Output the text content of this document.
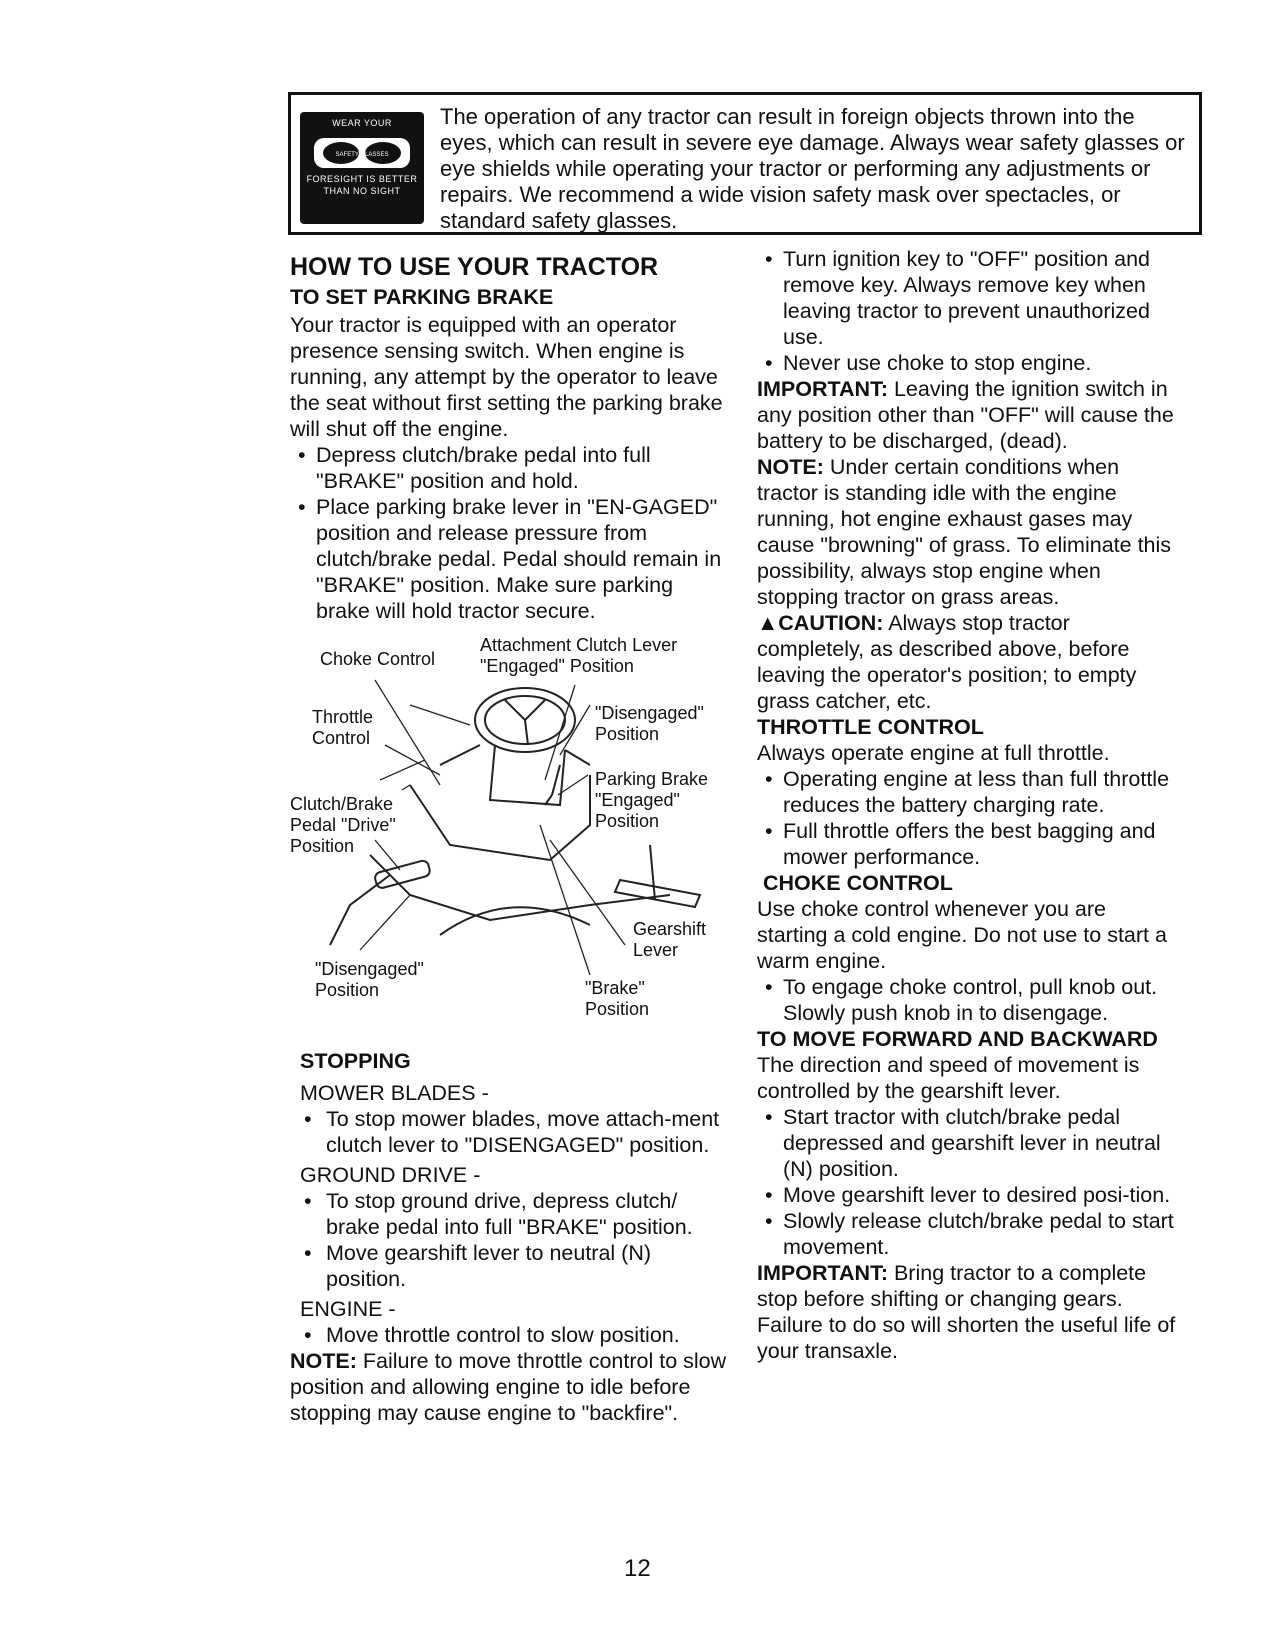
WEAR YOUR
FORESIGHT IS BETTER
THAN NO SIGHT
SAFETY GLASSES
The operation of any tractor can result in foreign objects thrown into the eyes, which can result in severe eye damage. Always wear safety glasses or eye shields while operating your tractor or performing any adjustments or repairs. We recommend a wide vision safety mask over spectacles, or standard safety glasses.

HOW TO USE YOUR TRACTOR

TO SET PARKING BRAKE

Your tractor is equipped with an operator presence sensing switch. When engine is running, any attempt by the operator to leave the seat without first setting the parking brake will shut off the engine.

• Depress clutch/brake pedal into full "BRAKE" position and hold.
• Place parking brake lever in "EN-GAGED" position and release pressure from clutch/brake pedal. Pedal should remain in "BRAKE" position. Make sure parking brake will hold tractor secure.
Choke Control
Attachment Clutch Lever
"Engaged" Position
Throttle
Control
"Disengaged"
Position
Parking Brake
"Engaged"
Position
Clutch/Brake
Pedal "Drive"
Position
Gearshift
Lever
"Disengaged"
Position	"Brake"
Position

STOPPING

MOWER BLADES -

• To stop mower blades, move attach-ment clutch lever to "DISENGAGED" position.

GROUND DRIVE -

• To stop ground drive, depress clutch/ brake pedal into full "BRAKE" position.
• Move gearshift lever to neutral (N) position.

ENGINE -

• Move throttle control to slow position.

NOTE: Failure to move throttle control to slow position and allowing engine to idle before stopping may cause engine to "backfire".

• Turn ignition key to "OFF" position and remove key. Always remove key when leaving tractor to prevent unauthorized use.
• Never use choke to stop engine.

IMPORTANT: Leaving the ignition switch in any position other than "OFF" will cause the battery to be discharged, (dead).

NOTE: Under certain conditions when tractor is standing idle with the engine running, hot engine exhaust gases may cause "browning" of grass. To eliminate this possibility, always stop engine when stopping tractor on grass areas.

▲CAUTION: Always stop tractor completely, as described above, before leaving the operator's position; to empty grass catcher, etc.

THROTTLE CONTROL

Always operate engine at full throttle.

• Operating engine at less than full throttle reduces the battery charging rate.
• Full throttle offers the best bagging and mower performance.

CHOKE CONTROL

Use choke control whenever you are starting a cold engine. Do not use to start a warm engine.

• To engage choke control, pull knob out. Slowly push knob in to disengage.

TO MOVE FORWARD AND BACKWARD

The direction and speed of movement is controlled by the gearshift lever.

• Start tractor with clutch/brake pedal depressed and gearshift lever in neutral (N) position.
• Move gearshift lever to desired posi-tion.
• Slowly release clutch/brake pedal to start movement.

IMPORTANT: Bring tractor to a complete stop before shifting or changing gears. Failure to do so will shorten the useful life of your transaxle.

12
